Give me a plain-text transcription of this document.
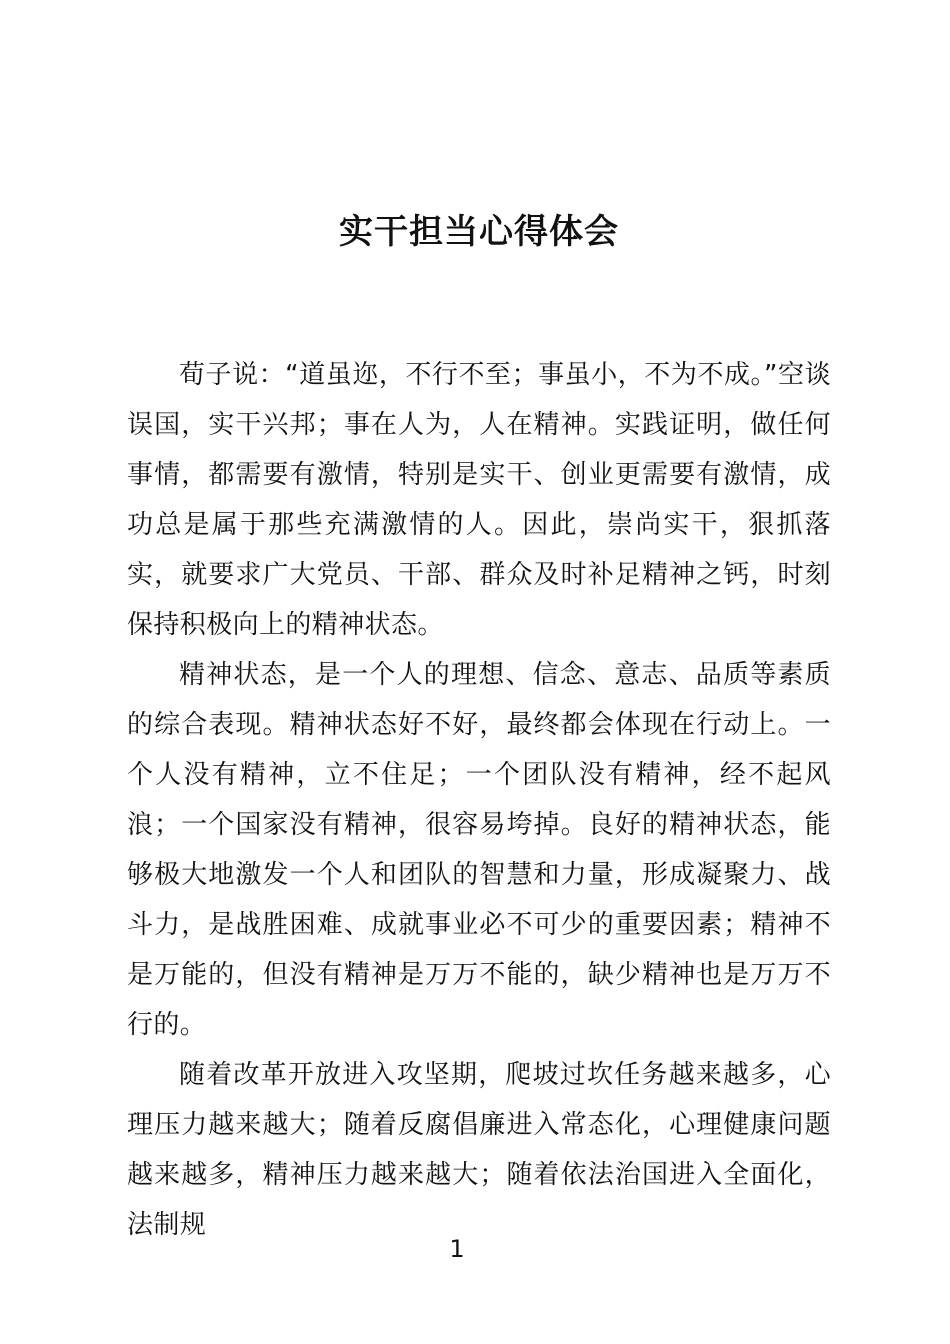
实干担当心得体会

荀子说：“道虽迩，不行不至；事虽小，不为不成。”空谈误国，实干兴邦；事在人为，人在精神。实践证明，做任何事情，都需要有激情，特别是实干、创业更需要有激情，成功总是属于那些充满激情的人。因此，崇尚实干，狠抓落实，就要求广大党员、干部、群众及时补足精神之钙，时刻保持积极向上的精神状态。

精神状态，是一个人的理想、信念、意志、品质等素质的综合表现。精神状态好不好，最终都会体现在行动上。一个人没有精神，立不住足；一个团队没有精神，经不起风浪；一个国家没有精神，很容易垮掉。良好的精神状态，能够极大地激发一个人和团队的智慧和力量，形成凝聚力、战斗力，是战胜困难、成就事业必不可少的重要因素；精神不是万能的，但没有精神是万万不能的，缺少精神也是万万不行的。

随着改革开放进入攻坚期，爬坡过坎任务越来越多，心理压力越来越大；随着反腐倡廉进入常态化，心理健康问题越来越多，精神压力越来越大；随着依法治国进入全面化，法制规

1
